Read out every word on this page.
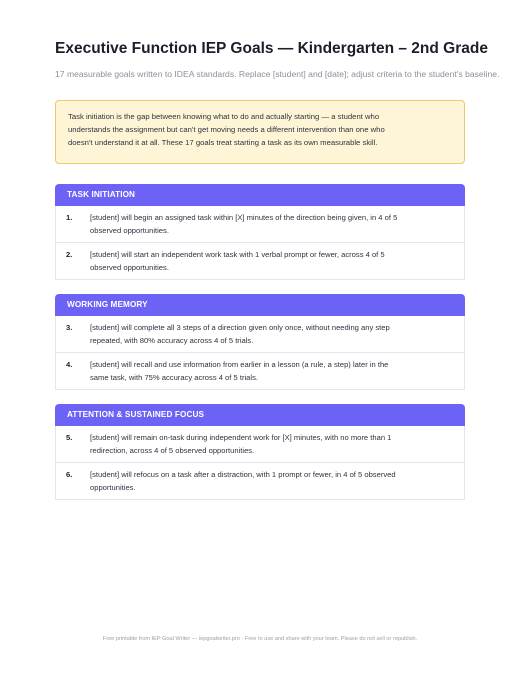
Executive Function IEP Goals — Kindergarten – 2nd Grade
17 measurable goals written to IDEA standards. Replace [student] and [date]; adjust criteria to the student's baseline.
Task initiation is the gap between knowing what to do and actually starting — a student who
understands the assignment but can't get moving needs a different intervention than one who
doesn't understand it at all. These 17 goals treat starting a task as its own measurable skill.
TASK INITIATION
1. [student] will begin an assigned task within [X] minutes of the direction being given, in 4 of 5
observed opportunities.
2. [student] will start an independent work task with 1 verbal prompt or fewer, across 4 of 5
observed opportunities.
WORKING MEMORY
3. [student] will complete all 3 steps of a direction given only once, without needing any step
repeated, with 80% accuracy across 4 of 5 trials.
4. [student] will recall and use information from earlier in a lesson (a rule, a step) later in the
same task, with 75% accuracy across 4 of 5 trials.
ATTENTION & SUSTAINED FOCUS
5. [student] will remain on-task during independent work for [X] minutes, with no more than 1
redirection, across 4 of 5 observed opportunities.
6. [student] will refocus on a task after a distraction, with 1 prompt or fewer, in 4 of 5 observed
opportunities.
Free printable from IEP Goal Writer — iepgoalwriter.pro · Free to use and share with your team. Please do not sell or republish.
